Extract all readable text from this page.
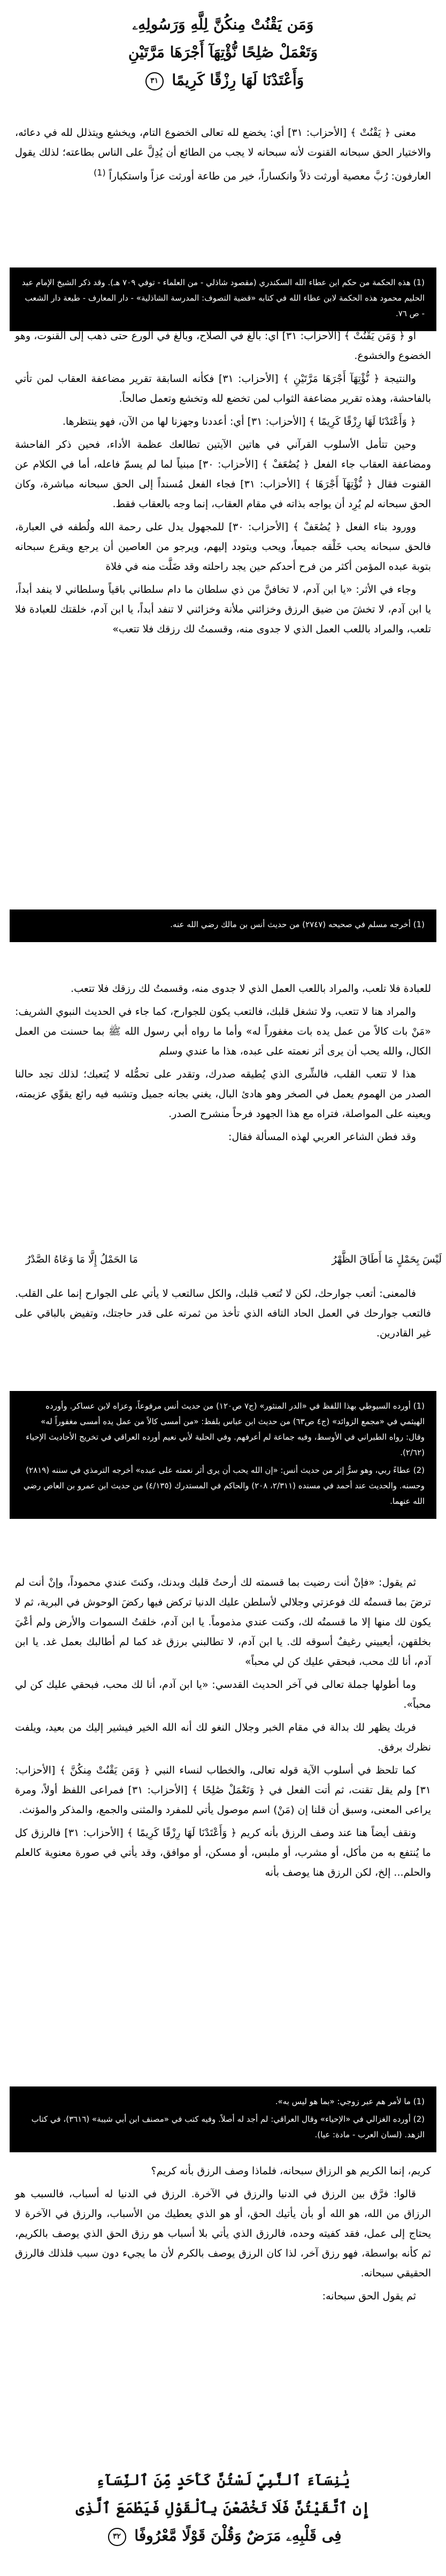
وَمَن يَقْنُتْ مِنكُنَّ لِلَّهِ وَرَسُولِهِۦ
وَتَعْمَلْ صَٰلِحًا نُّؤْتِهَآ أَجْرَهَا مَرَّتَيْنِ
وَأَعْتَدْنَا لَهَا رِزْقًا كَرِيمًا ٣١

معنى ﴿ يَقْنُتْ ﴾ [الأحزاب: ٣١] أي: يخضع لله تعالى الخضوع التام، ويخشع ويتذلل لله في دعائه، والاختيار الحق سبحانه القنوت لأنه سبحانه لا يجب من الطائع أن يُدِلَّ على الناس بطاعته؛ لذلك يقول العارفون: رُبَّ معصية أورثت ذلاً وانكساراً، خير من طاعة أورثت عزاً واستكباراً $^{(1)}$

(1) هذه الحكمة من حكم ابن عطاء الله السكندري (مقصود شاذلي - من العلماء - توفي ٧٠٩ هـ). وقد ذكر الشيخ الإمام عبد الحليم محمود هذه الحكمة لابن عطاء الله في كتابه «قضية التصوف: المدرسة الشاذلية» - دار المعارف - طبعة دار الشعب - ص ٧٦.

أو ﴿ وَمَن يَقْنُتْ ﴾ [الأحزاب: ٣١] أي: بالغ في الصلاح، وبالغ في الورع حتى ذهب إلى القنوت، وهو الخضوع والخشوع.

والنتيجة ﴿ نُّؤْتِهَآ أَجْرَهَا مَرَّتَيْنِ ﴾ [الأحزاب: ٣١] فكأنه السابقة تقرير مضاعفة العقاب لمن تأتي بالفاحشة، وهذه تقرير مضاعفة الثواب لمن تخضع لله وتخشع وتعمل صالحاً.

﴿ وَأَعْتَدْنَا لَهَا رِزْقًا كَرِيمًا ﴾ [الأحزاب: ٣١] أي: أعددنا وجهزنا لها من الآن، فهو ينتظرها.

وحين تتأمل الأسلوب القرآني في هاتين الآيتين تطالعك عظمة الأداء، فحين ذكر الفاحشة ومضاعفة العقاب جاء الفعل ﴿ يُضَٰعَفْ ﴾ [الأحزاب: ٣٠] مبنياً لما لم يسمّ فاعله، أما في الكلام عن القنوت فقال ﴿ نُّؤْتِهَآ أَجْرَهَا ﴾ [الأحزاب: ٣١] فجاء الفعل مُسنداً إلى الحق سبحانه مباشرة، وكان الحق سبحانه لم يُرِد أن يواجه بذاته في مقام العقاب، إنما وجه بالعقاب فقط.

وورود بناء الفعل ﴿ يُضَٰعَفْ ﴾ [الأحزاب: ٣٠] للمجهول يدل على رحمة الله ولُطفه في العبارة، فالحق سبحانه يحب خَلْقه جميعاً، ويحب ويتودد إليهم، ويرجو من العاصين أن يرجع ويقرع سبحانه بتوبة عبده المؤمن أكثر من فرح أحدكم حين يجد راحلته وقد ضَلَّت منه في فلاة

وجاء في الأثر: «يا ابن آدم، لا تخافنَّ من ذي سلطان ما دام سلطاني باقياً وسلطاني لا ينفد أبداً، يا ابن آدم، لا تخشَ من ضيق الرزق وخزائني ملأنة وخزائني لا تنفد أبداً، يا ابن آدم، خلقتك للعبادة فلا تلعب، والمراد باللعب العمل الذي لا جدوى منه، وقسمتُ لك رزقك فلا تتعب»

(1) أخرجه مسلم في صحيحه (٢٧٤٧) من حديث أنس بن مالك رضي الله عنه.

للعبادة فلا تلعب، والمراد باللعب العمل الذي لا جدوى منه، وقسمتُ لك رزقك فلا تتعب.

والمراد هنا لا تتعب، ولا تشغل قلبك، فالتعب يكون للجوارح، كما جاء في الحديث النبوي الشريف: «مَنْ بات كالاً من عمل يده بات مغفوراً له» وأما ما رواه أبي رسول الله ﷺ بما حسنت من العمل الكال، والله يحب أن يرى أثر نعمته على عبده، هذا ما عندي وسلم

هذا لا تتعب القلب، فالشِّرى الذي يُطيقه صدرك، وتقدر على تحمُّله لا يُتعبك؛ لذلك تجد حالنا الصدر من الهموم يعمل في الصخر وهو هادئ البال، يغني بجانه جميل وتشبه فيه رائع يقوِّي عزيمته، ويعينه على المواصلة، فتراه مع هذا الجهود فرحاً منشرح الصدر.

وقد فطن الشاعر العربي لهذه المسألة فقال:

لَيْسَ بِحَمْلٍ مَا أَطَاقَ الظَّهْرُ
مَا الحَمْلُ إِلَّا مَا وَعَاهُ الصَّدْرُ

فالمعنى: أتعب جوارحك، لكن لا تُتعب قلبك، والكل سالتعب لا يأتي على الجوارح إنما على القلب. فالتعب جوارحك في العمل الحاد التافه الذي تأخذ من ثمرته على قدر حاجتك، وتفيض بالباقي على غير القادرين.

(1) أورده السيوطي بهذا اللفظ في «الدر المنثور» (ج٧ ص١٢٠) من حديث أنس مرفوعاً، وعزاه لابن عساكر. وأورده الهيثمي في «مجمع الزوائد» (ج٤ ص٦٣) من حديث ابن عباس بلفظ: «من أمسى كالاً من عمل يده أمسى مغفوراً له» وقال: رواه الطبراني في الأوسط، وفيه جماعة لم أعرفهم. وفي الحلية لأبي نعيم أورده العراقي في تخريج الأحاديث الإحياء (٢/٦٢).

(2) عطاءً ربي، وهو سرٌّ إثر من حديث أنس: «إن الله يحب أن يرى أثر نعمته على عبده» أخرجه الترمذي في سننه (٢٨١٩) وحسنه. والحديث عند أحمد في مسنده (٢/٣١١، ٢٠٨) والحاكم في المستدرك (٤/١٣٥) من حديث ابن عمرو بن العاص رضي الله عنهما.

ثم يقول: «فإنْ أنت رضيت بما قسمته لك أرحتُ قلبك وبدنك، وكنتَ عندي محموداً، وإنْ أنت لم ترضَ بما قسمتُه لك فوعزتي وجلالي لأسلطن عليك الدنيا تركض فيها ركضَ الوحوش في البرية، ثم لا يكون لك منها إلا ما قسمتُه لك، وكنت عندي مذموماً. يا ابن آدم، خلقتُ السموات والأرض ولم أعْيَ بخلقهن، أيعييني رغيفٌ أسوقه لك. يا ابن آدم، لا تطالبني برزق غد كما لم أطالبك بعمل غد. يا ابن آدم، أنا لك محب، فبحقي عليك كن لي محباً»

وما أطولها جملة تعالى في آخر الحديث القدسي: «يا ابن آدم، أنا لك محب، فبحقي عليك كن لي محباً».

فربك يظهر لك بدالة في مقام الخبر وجلال النغو لك أنه الله الخير فيشير إليك من بعيد، ويلفت نظرك برفق.

كما تلحظ في أسلوب الآية قوله تعالى، والخطاب لنساء النبي ﴿ وَمَن يَقْنُتْ مِنكُنَّ ﴾ [الأحزاب: ٣١] ولم يقل تقنت، ثم أتت الفعل في ﴿ وَتَعْمَلْ صَٰلِحًا ﴾ [الأحزاب: ٣١] فمراعى اللفظ أولاً، ومرة يراعى المعنى، وسبق أن قلنا إن (مَنْ) اسم موصول يأتي للمفرد والمثنى والجمع، والمذكر والمؤنث.

ونقف أيضاً هنا عند وصف الرزق بأنه كريم ﴿ وَأَعْتَدْنَا لَهَا رِزْقًا كَرِيمًا ﴾ [الأحزاب: ٣١] فالرزق كل ما يُنتفع به من مأكل، أو مشرب، أو ملبس، أو مسكن، أو موافق، وقد يأتي في صورة معنوية كالعلم والحلم... إلخ، لكن الرزق هنا يوصف بأنه

(1) ما لأمر هم عبر زوجي: «بما هو ليس به».

(2) أورده الغزالي في «الإحياء» وقال العراقي: لم أجد له أصلاً. وفيه كتب في «مصنف ابن أبي شيبة» (٣٦١٦)، في كتاب الزهد. (لسان العرب - مادة: عيا).

كريم، إنما الكريم هو الرزاق سبحانه، فلماذا وصف الرزق بأنه كريم؟

قالوا: فرَّق بين الرزق في الدنيا والرزق في الآخرة. الرزق في الدنيا له أسباب، فالسبب هو الرزاق من الله، هو الله أو بأن يأتيك الحق، أو هو الذي يعطيك من الأسباب، والرزق في الآخرة لا يحتاج إلى عمل، فقد كفيته وحده، فالرزق الذي يأتي بلا أسباب هو رزق الحق الذي يوصف بالكريم، ثم كأنه بواسطة، فهو رزق آخر، لذا كان الرزق يوصف بالكرم لأن ما يجيء دون سبب فلذلك فالرزق الحقيقي سبحانه.

ثم يقول الحق سبحانه:

يَٰنِسَآءَ ٱلنَّبِيِّ لَسْتُنَّ كَأَحَدٍ مِّنَ ٱلنِّسَآءِ
إِنِ ٱتَّقَيْتُنَّ فَلَا تَخْضَعْنَ بِٱلْقَوْلِ فَيَطْمَعَ ٱلَّذِى
فِى قَلْبِهِۦ مَرَضٌ وَقُلْنَ قَوْلًا مَّعْرُوفًا ٣٢
